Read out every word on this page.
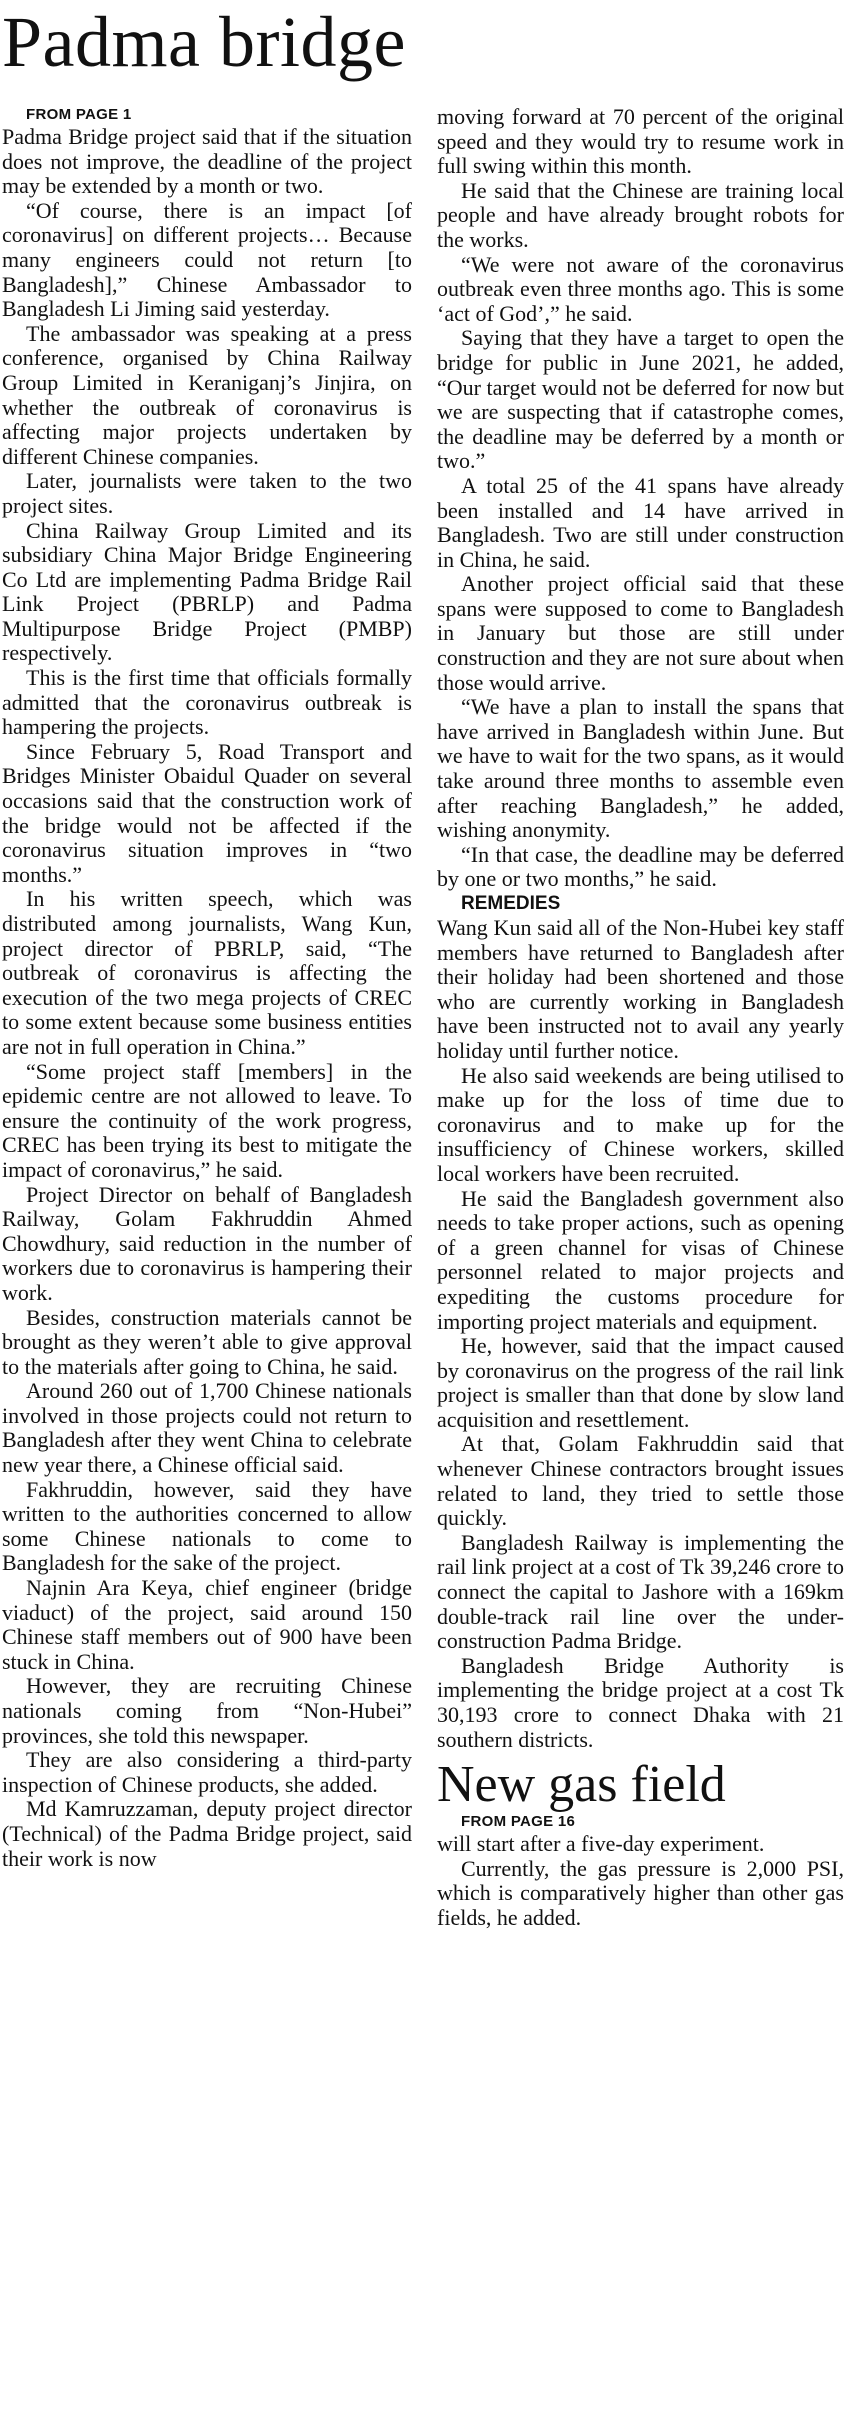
Padma bridge

FROM PAGE 1

Padma Bridge project said that if the situation does not improve, the deadline of the project may be extended by a month or two.

“Of course, there is an impact [of coronavirus] on different projects… Because many engineers could not return [to Bangladesh],” Chinese Ambassador to Bangladesh Li Jiming said yesterday.

The ambassador was speaking at a press conference, organised by China Railway Group Limited in Keraniganj’s Jinjira, on whether the outbreak of coronavirus is affecting major projects undertaken by different Chinese companies.

Later, journalists were taken to the two project sites.

China Railway Group Limited and its subsidiary China Major Bridge Engineering Co Ltd are implementing Padma Bridge Rail Link Project (PBRLP) and Padma Multipurpose Bridge Project (PMBP) respectively.

This is the first time that officials formally admitted that the coronavirus outbreak is hampering the projects.

Since February 5, Road Transport and Bridges Minister Obaidul Quader on several occasions said that the construction work of the bridge would not be affected if the coronavirus situation improves in “two months.”

In his written speech, which was distributed among journalists, Wang Kun, project director of PBRLP, said, “The outbreak of coronavirus is affecting the execution of the two mega projects of CREC to some extent because some business entities are not in full operation in China.”

“Some project staff [members] in the epidemic centre are not allowed to leave. To ensure the continuity of the work progress, CREC has been trying its best to mitigate the impact of coronavirus,” he said.

Project Director on behalf of Bangladesh Railway, Golam Fakhruddin Ahmed Chowdhury, said reduction in the number of workers due to coronavirus is hampering their work.

Besides, construction materials cannot be brought as they weren’t able to give approval to the materials after going to China, he said.

Around 260 out of 1,700 Chinese nationals involved in those projects could not return to Bangladesh after they went China to celebrate new year there, a Chinese official said.

Fakhruddin, however, said they have written to the authorities concerned to allow some Chinese nationals to come to Bangladesh for the sake of the project.

Najnin Ara Keya, chief engineer (bridge viaduct) of the project, said around 150 Chinese staff members out of 900 have been stuck in China.

However, they are recruiting Chinese nationals coming from “Non-Hubei” provinces, she told this newspaper.

They are also considering a third-party inspection of Chinese products, she added.

Md Kamruzzaman, deputy project director (Technical) of the Padma Bridge project, said their work is now

moving forward at 70 percent of the original speed and they would try to resume work in full swing within this month.

He said that the Chinese are training local people and have already brought robots for the works.

“We were not aware of the coronavirus outbreak even three months ago. This is some ‘act of God’,” he said.

Saying that they have a target to open the bridge for public in June 2021, he added, “Our target would not be deferred for now but we are suspecting that if catastrophe comes, the deadline may be deferred by a month or two.”

A total 25 of the 41 spans have already been installed and 14 have arrived in Bangladesh. Two are still under construction in China, he said.

Another project official said that these spans were supposed to come to Bangladesh in January but those are still under construction and they are not sure about when those would arrive.

“We have a plan to install the spans that have arrived in Bangladesh within June. But we have to wait for the two spans, as it would take around three months to assemble even after reaching Bangladesh,” he added, wishing anonymity.

“In that case, the deadline may be deferred by one or two months,” he said.

REMEDIES

Wang Kun said all of the Non-Hubei key staff members have returned to Bangladesh after their holiday had been shortened and those who are currently working in Bangladesh have been instructed not to avail any yearly holiday until further notice.

He also said weekends are being utilised to make up for the loss of time due to coronavirus and to make up for the insufficiency of Chinese workers, skilled local workers have been recruited.

He said the Bangladesh government also needs to take proper actions, such as opening of a green channel for visas of Chinese personnel related to major projects and expediting the customs procedure for importing project materials and equipment.

He, however, said that the impact caused by coronavirus on the progress of the rail link project is smaller than that done by slow land acquisition and resettlement.

At that, Golam Fakhruddin said that whenever Chinese contractors brought issues related to land, they tried to settle those quickly.

Bangladesh Railway is implementing the rail link project at a cost of Tk 39,246 crore to connect the capital to Jashore with a 169km double-track rail line over the under-construction Padma Bridge.

Bangladesh Bridge Authority is implementing the bridge project at a cost Tk 30,193 crore to connect Dhaka with 21 southern districts.

New gas field

FROM PAGE 16

will start after a five-day experiment.

Currently, the gas pressure is 2,000 PSI, which is comparatively higher than other gas fields, he added.
